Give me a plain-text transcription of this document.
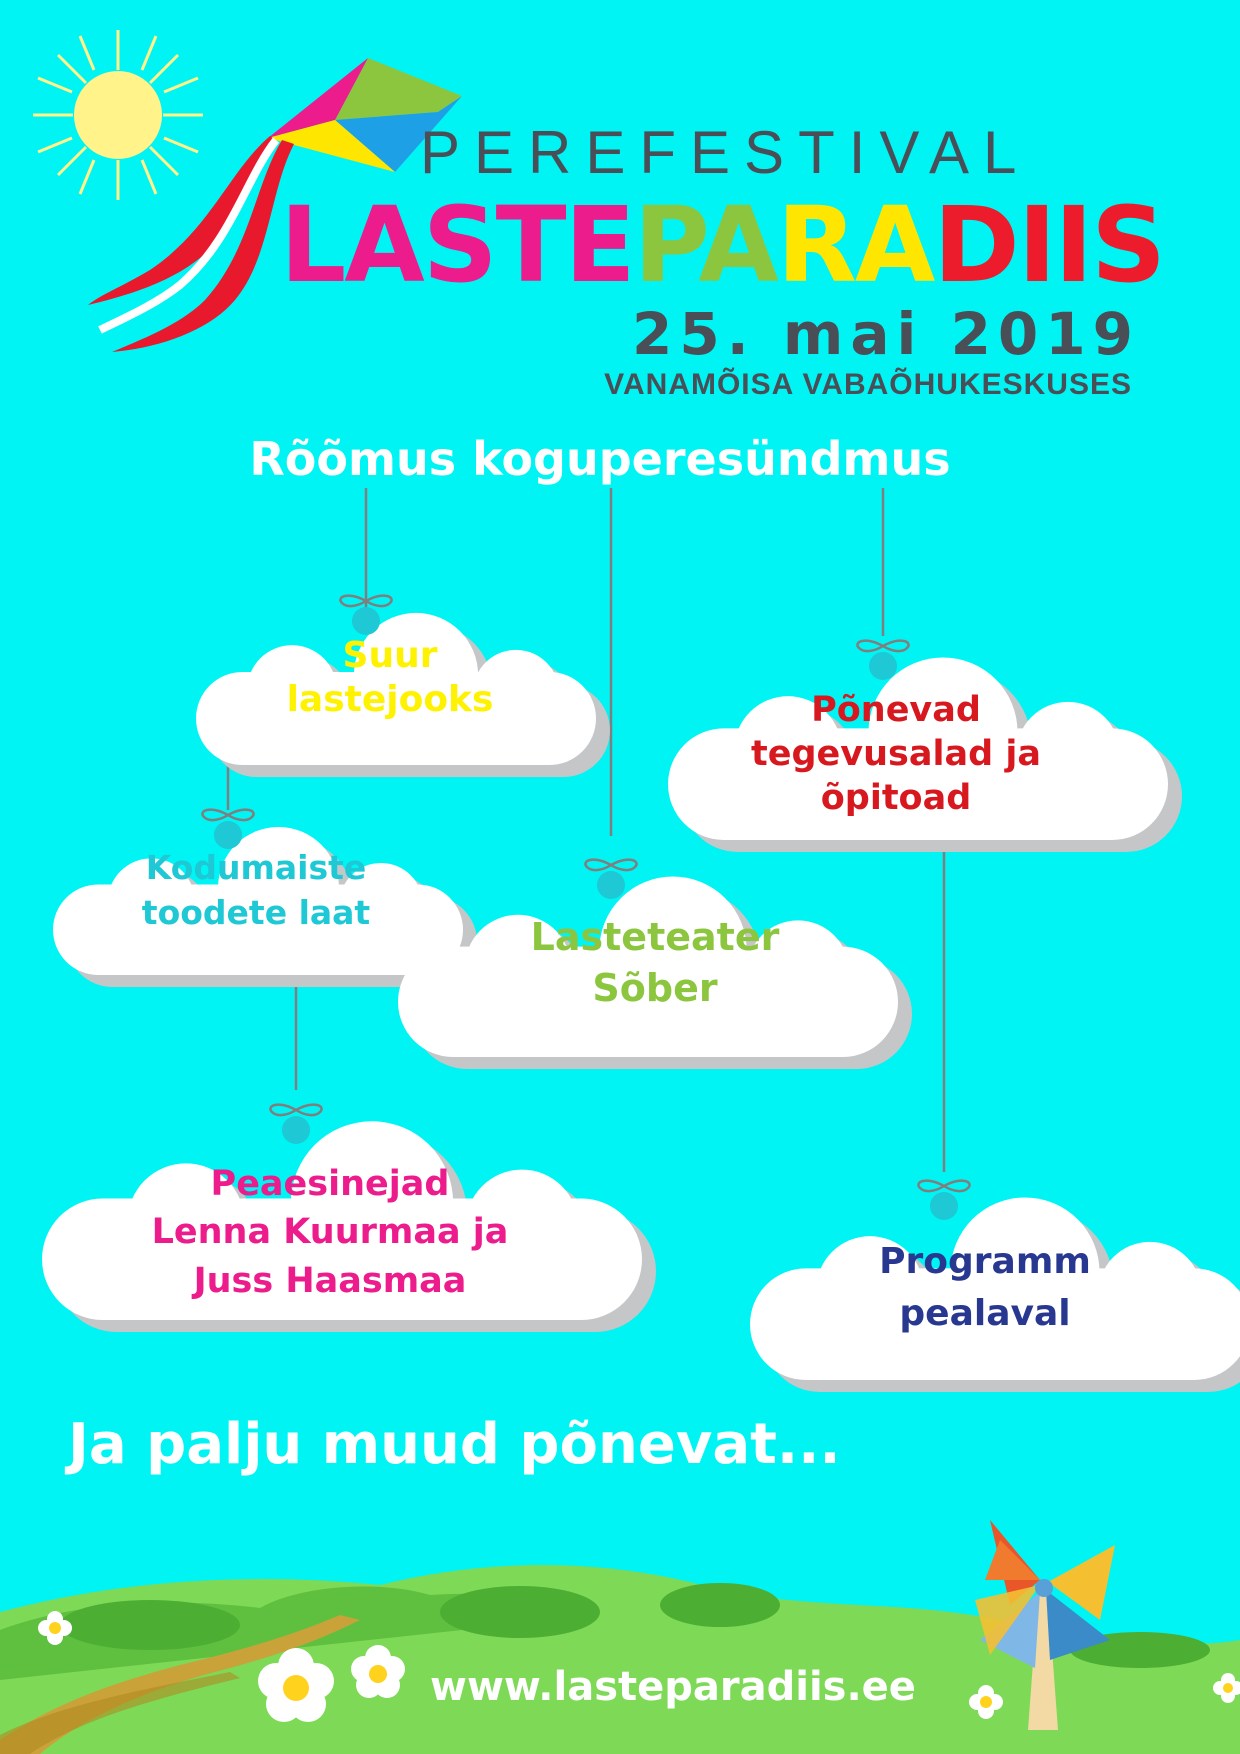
PEREFESTIVAL
LASTEPARADIIS
25. mai 2019
VANAMÕISA VABAÕHUKESKUSES
Rõõmus koguperesündmus
Suur
lastejooks	Põnevad
tegevusalad ja
õpitoad
Kodumaiste
toodete laat
Lasteteater
Sõber
Peaesinejad
Lenna Kuurmaa ja
Juss Haasmaa	Programm
pealaval
Ja palju muud põnevat...
www.lasteparadiis.ee
